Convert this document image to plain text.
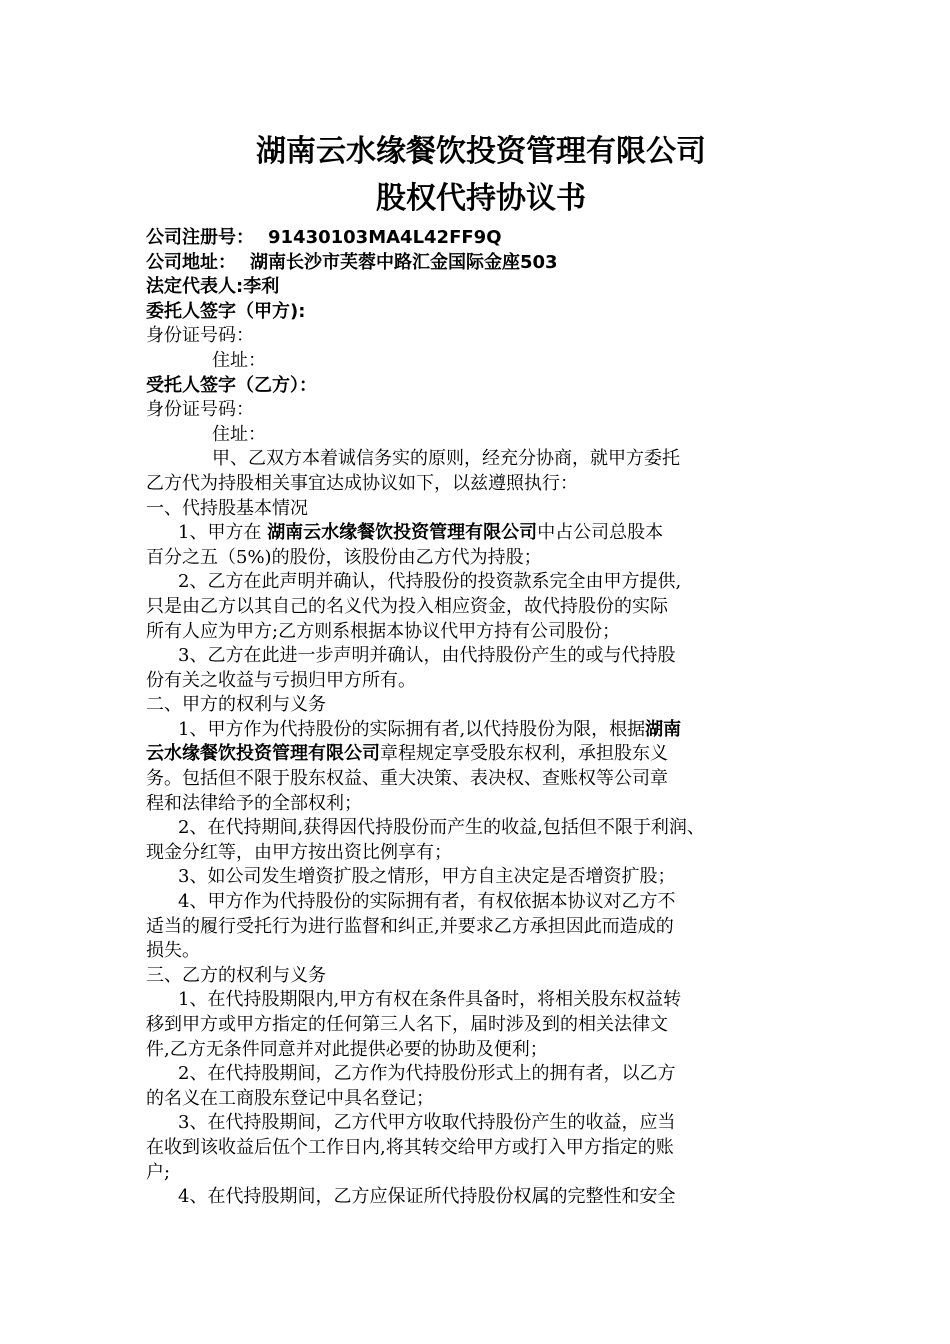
湖南云水缘餐饮投资管理有限公司
股权代持协议书
公司注册号： 91430103MA4L42FF9Q
公司地址： 湖南长沙市芙蓉中路汇金国际金座503
法定代表人:李利
委托人签字（甲方):
身份证号码：
住址：
受托人签字（乙方）：
身份证号码：
住址：
甲、乙双方本着诚信务实的原则，经充分协商，就甲方委托
乙方代为持股相关事宜达成协议如下，以兹遵照执行：
一、代持股基本情况
1、甲方在 湖南云水缘餐饮投资管理有限公司中占公司总股本
百分之五（5%)的股份，该股份由乙方代为持股；
2、乙方在此声明并确认，代持股份的投资款系完全由甲方提供,
只是由乙方以其自己的名义代为投入相应资金，故代持股份的实际
所有人应为甲方;乙方则系根据本协议代甲方持有公司股份；
3、乙方在此进一步声明并确认，由代持股份产生的或与代持股
份有关之收益与亏损归甲方所有。
二、甲方的权利与义务
1、甲方作为代持股份的实际拥有者,以代持股份为限，根据湖南
云水缘餐饮投资管理有限公司章程规定享受股东权利，承担股东义
务。包括但不限于股东权益、重大决策、表决权、查账权等公司章
程和法律给予的全部权利；
2、在代持期间,获得因代持股份而产生的收益,包括但不限于利润、
现金分红等，由甲方按出资比例享有；
3、如公司发生增资扩股之情形，甲方自主决定是否增资扩股；
4、甲方作为代持股份的实际拥有者，有权依据本协议对乙方不
适当的履行受托行为进行监督和纠正,并要求乙方承担因此而造成的
损失。
三、乙方的权利与义务
1、在代持股期限内,甲方有权在条件具备时，将相关股东权益转
移到甲方或甲方指定的任何第三人名下，届时涉及到的相关法律文
件,乙方无条件同意并对此提供必要的协助及便利；
2、在代持股期间，乙方作为代持股份形式上的拥有者，以乙方
的名义在工商股东登记中具名登记；
3、在代持股期间，乙方代甲方收取代持股份产生的收益，应当
在收到该收益后伍个工作日内,将其转交给甲方或打入甲方指定的账
户;
4、在代持股期间，乙方应保证所代持股份权属的完整性和安全
